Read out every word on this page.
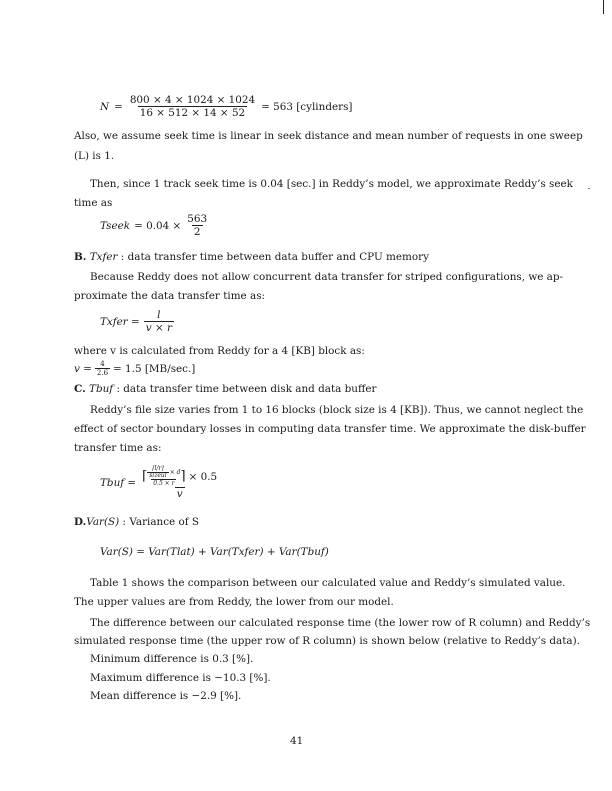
$N = \frac{800 \times 4 \times 1024 \times 1024}{16 \times 512 \times 14 \times 52} = 563$ [cylinders]
Also, we assume seek time is linear in seek distance and mean number of requests in one sweep
(L) is 1.
Then, since 1 track seek time is 0.04 [sec.] in Reddy’s model, we approximate Reddy’s seek
time as
Tseek = $0.04 \times \frac{563}{2}$
B. Txfer : data transfer time between data buffer and CPU memory
Because Reddy does not allow concurrent data transfer for striped configurations, we ap-
proximate the data transfer time as:
Txfer = $\frac{l}{v \times r}$
where v is calculated from Reddy for a 4 [KB] block as:
$v = \frac{4}{2.6} = 1.5$ [MB/sec.]
C. Tbuf : data transfer time between disk and data buffer
Reddy’s file size varies from 1 to 16 blocks (block size is 4 [KB]). Thus, we cannot neglect the
effect of sector boundary losses in computing data transfer time. We approximate the disk-buffer
transfer time as:
Tbuf = ⌈ $\frac{\frac{⌈l/r⌉}{\text{sizeul}} \times d}{0.5 \times r}$ ⌉ × 0.5
v
D.Var(S) : Variance of S
Var(S) = Var(Tlat) + Var(Txfer) + Var(Tbuf)
Table 1 shows the comparison between our calculated value and Reddy’s simulated value.
The upper values are from Reddy, the lower from our model.
The difference between our calculated response time (the lower row of R column) and Reddy’s
simulated response time (the upper row of R column) is shown below (relative to Reddy’s data).
Minimum difference is 0.3 [%].
Maximum difference is −10.3 [%].
Mean difference is −2.9 [%].
41
